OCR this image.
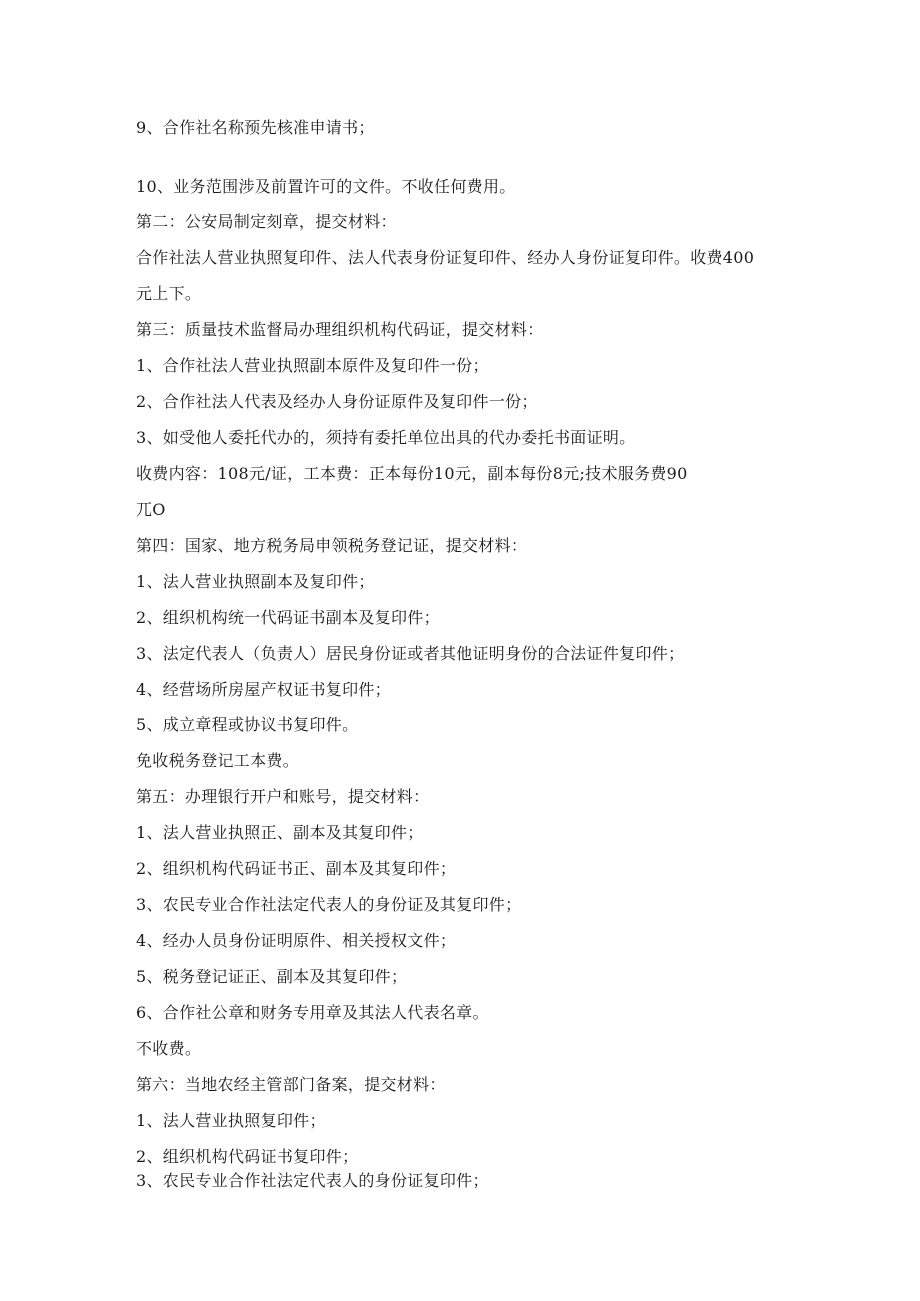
9、合作社名称预先核准申请书；
10、业务范围涉及前置许可的文件。不收任何费用。
第二：公安局制定刻章，提交材料：
合作社法人营业执照复印件、法人代表身份证复印件、经办人身份证复印件。收费400
元上下。
第三：质量技术监督局办理组织机构代码证，提交材料：
1、合作社法人营业执照副本原件及复印件一份；
2、合作社法人代表及经办人身份证原件及复印件一份；
3、如受他人委托代办的，须持有委托单位出具的代办委托书面证明。
收费内容：108元/证，工本费：正本每份10元，副本每份8元;技术服务费90
兀O
第四：国家、地方税务局申领税务登记证，提交材料：
1、法人营业执照副本及复印件；
2、组织机构统一代码证书副本及复印件；
3、法定代表人（负责人）居民身份证或者其他证明身份的合法证件复印件；
4、经营场所房屋产权证书复印件；
5、成立章程或协议书复印件。
免收税务登记工本费。
第五：办理银行开户和账号，提交材料：
1、法人营业执照正、副本及其复印件；
2、组织机构代码证书正、副本及其复印件；
3、农民专业合作社法定代表人的身份证及其复印件；
4、经办人员身份证明原件、相关授权文件；
5、税务登记证正、副本及其复印件；
6、合作社公章和财务专用章及其法人代表名章。
不收费。
第六：当地农经主管部门备案，提交材料：
1、法人营业执照复印件；
2、组织机构代码证书复印件；
3、农民专业合作社法定代表人的身份证复印件；
